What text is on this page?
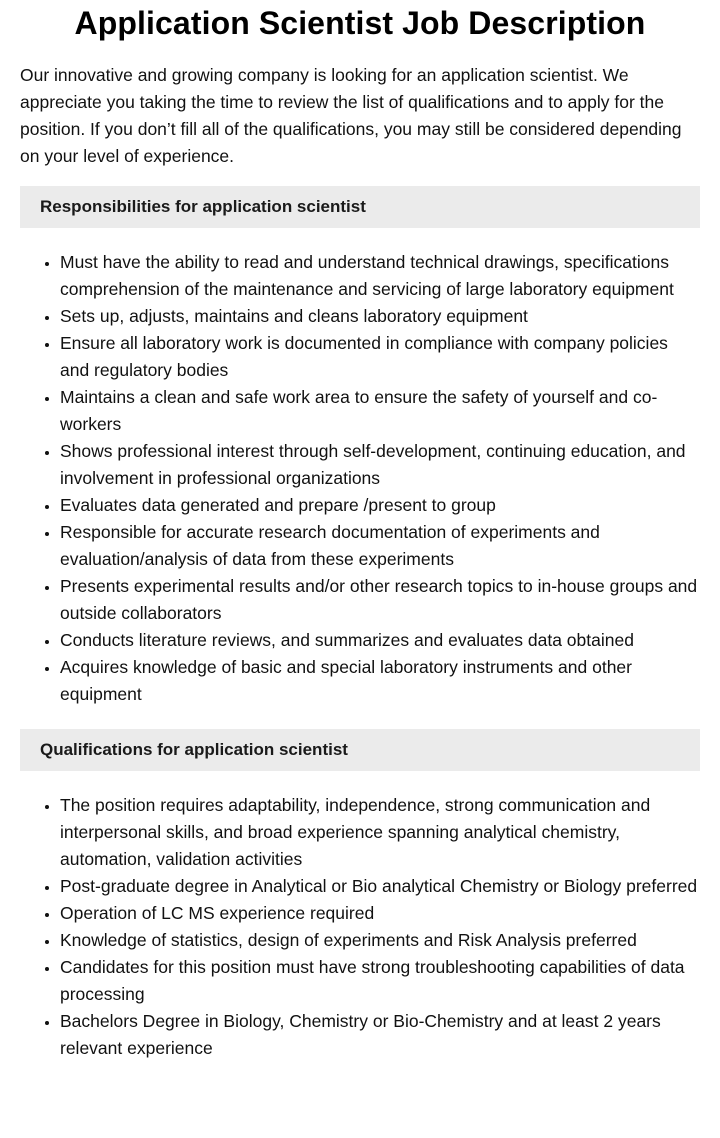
Application Scientist Job Description

Our innovative and growing company is looking for an application scientist. We appreciate you taking the time to review the list of qualifications and to apply for the position. If you don’t fill all of the qualifications, you may still be considered depending on your level of experience.

Responsibilities for application scientist
• Must have the ability to read and understand technical drawings, specifications comprehension of the maintenance and servicing of large laboratory equipment
• Sets up, adjusts, maintains and cleans laboratory equipment
• Ensure all laboratory work is documented in compliance with company policies and regulatory bodies
• Maintains a clean and safe work area to ensure the safety of yourself and co-workers
• Shows professional interest through self-development, continuing education, and involvement in professional organizations
• Evaluates data generated and prepare /present to group
• Responsible for accurate research documentation of experiments and evaluation/analysis of data from these experiments
• Presents experimental results and/or other research topics to in-house groups and outside collaborators
• Conducts literature reviews, and summarizes and evaluates data obtained
• Acquires knowledge of basic and special laboratory instruments and other equipment
Qualifications for application scientist
• The position requires adaptability, independence, strong communication and interpersonal skills, and broad experience spanning analytical chemistry, automation, validation activities
• Post-graduate degree in Analytical or Bio analytical Chemistry or Biology preferred
• Operation of LC MS experience required
• Knowledge of statistics, design of experiments and Risk Analysis preferred
• Candidates for this position must have strong troubleshooting capabilities of data processing
• Bachelors Degree in Biology, Chemistry or Bio-Chemistry and at least 2 years relevant experience
